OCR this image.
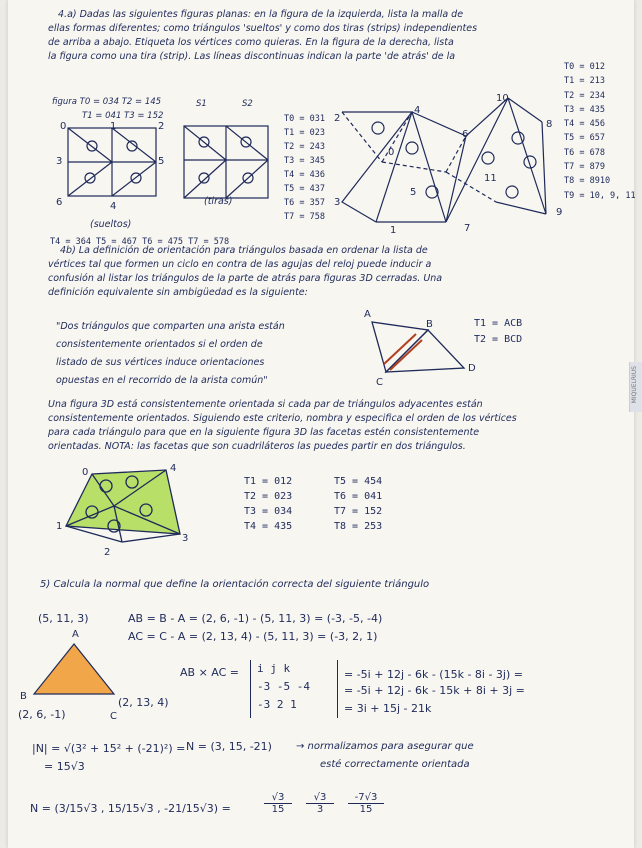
MIQUELRIUS
4.a) Dadas las siguientes figuras planas: en la figura de la izquierda, lista la malla de
ellas formas diferentes; como triángulos 'sueltos' y como dos tiras (strips) independientes
de arriba a abajo. Etiqueta los vértices como quieras. En la figura de la derecha, lista
la figura como una tira (strip). Las líneas discontinuas indican la parte 'de atrás' de la
figura T0 = 034 T2 = 145
T1 = 041 T3 = 152
0	1	2
3	5
6	4
(sueltos)
S1	S2
(tiras)
T0 = 031
T1 = 023
T2 = 243
T3 = 345
T4 = 436
T5 = 437
T6 = 357
T7 = 758
10
4
6
8
2
0
1
3
5
7
9
11
T0 = 012
T1 = 213
T2 = 234
T3 = 435
T4 = 456
T5 = 657
T6 = 678
T7 = 879
T8 = 8910
T9 = 10, 9, 11
T4 = 364 T5 = 467 T6 = 475 T7 = 578
4b) La definición de orientación para triángulos basada en ordenar la lista de
vértices tal que formen un ciclo en contra de las agujas del reloj puede inducir a
confusión al listar los triángulos de la parte de atrás para figuras 3D cerradas. Una
definición equivalente sin ambigüedad es la siguiente:
"Dos triángulos que comparten una arista están
consistentemente orientados si el orden de
listado de sus vértices induce orientaciones
opuestas en el recorrido de la arista común"
A
B
C
D
T1 = ACB
T2 = BCD
Una figura 3D está consistentemente orientada si cada par de triángulos adyacentes están
consistentemente orientados. Siguiendo este criterio, nombra y especifica el orden de los vértices
para cada triángulo para que en la siguiente figura 3D las facetas estén consistentemente
orientadas. NOTA: las facetas que son cuadriláteros las puedes partir en dos triángulos.
0	4
1
3
2
T1 = 012
T2 = 023
T3 = 034
T4 = 435
T5 = 454
T6 = 041
T7 = 152
T8 = 253
5) Calcula la normal que define la orientación correcta del siguiente triángulo
(5, 11, 3)
A
B
C
(2, 6, -1)
(2, 13, 4)
AB = B - A = (2, 6, -1) - (5, 11, 3) = (-3, -5, -4)
AC = C - A = (2, 13, 4) - (5, 11, 3) = (-3, 2, 1)
AB × AC = i j k
-3 -5 -4
-3 2 1
= -5i + 12j - 6k - (15k - 8i - 3j) =
= -5i + 12j - 6k - 15k + 8i + 3j =
= 3i + 15j - 21k
|N| = √(3² + 15² + (-21)²) =
= 15√3
N = (3, 15, -21) → normalizamos para asegurar que
esté correctamente orientada
N = (3/15√3 , 15/15√3 , -21/15√3) =	$\frac{√3}{15} \frac{√3}{3} \frac{-7√3}{15}$
